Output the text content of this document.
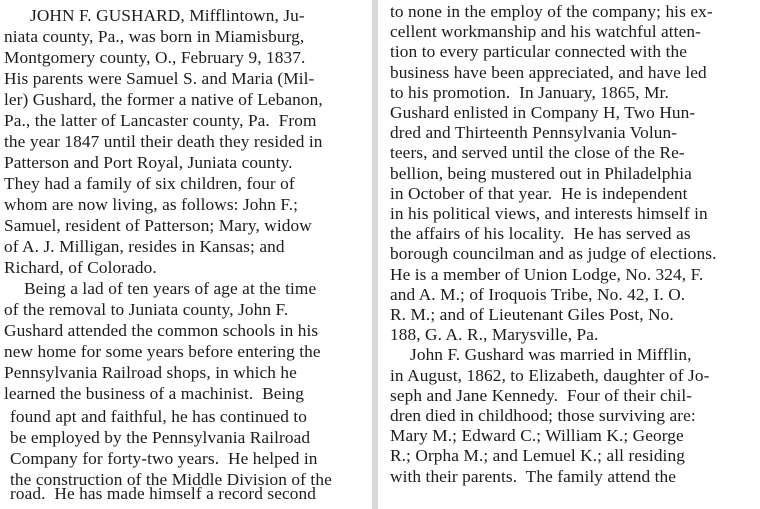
JOHN F. GUSHARD, Mifflintown, Ju-
niata county, Pa., was born in Miamisburg,
Montgomery county, O., February 9, 1837.
His parents were Samuel S. and Maria (Mil-
ler) Gushard, the former a native of Lebanon,
Pa., the latter of Lancaster county, Pa.  From
the year 1847 until their death they resided in
Patterson and Port Royal, Juniata county.
They had a family of six children, four of
whom are now living, as follows: John F.;
Samuel, resident of Patterson; Mary, widow
of A. J. Milligan, resides in Kansas; and
Richard, of Colorado.
Being a lad of ten years of age at the time
of the removal to Juniata county, John F.
Gushard attended the common schools in his
new home for some years before entering the
Pennsylvania Railroad shops, in which he
learned the business of a machinist.  Being
found apt and faithful, he has continued to
be employed by the Pennsylvania Railroad
Company for forty-two years.  He helped in
the construction of the Middle Division of the
road.  He has made himself a record second
to none in the employ of the company; his ex-
cellent workmanship and his watchful atten-
tion to every particular connected with the
business have been appreciated, and have led
to his promotion.  In January, 1865, Mr.
Gushard enlisted in Company H, Two Hun-
dred and Thirteenth Pennsylvania Volun-
teers, and served until the close of the Re-
bellion, being mustered out in Philadelphia
in October of that year.  He is independent
in his political views, and interests himself in
the affairs of his locality.  He has served as
borough councilman and as judge of elections.
He is a member of Union Lodge, No. 324, F.
and A. M.; of Iroquois Tribe, No. 42, I. O.
R. M.; and of Lieutenant Giles Post, No.
188, G. A. R., Marysville, Pa.
John F. Gushard was married in Mifflin,
in August, 1862, to Elizabeth, daughter of Jo-
seph and Jane Kennedy.  Four of their chil-
dren died in childhood; those surviving are:
Mary M.; Edward C.; William K.; George
R.; Orpha M.; and Lemuel K.; all residing
with their parents.  The family attend the
